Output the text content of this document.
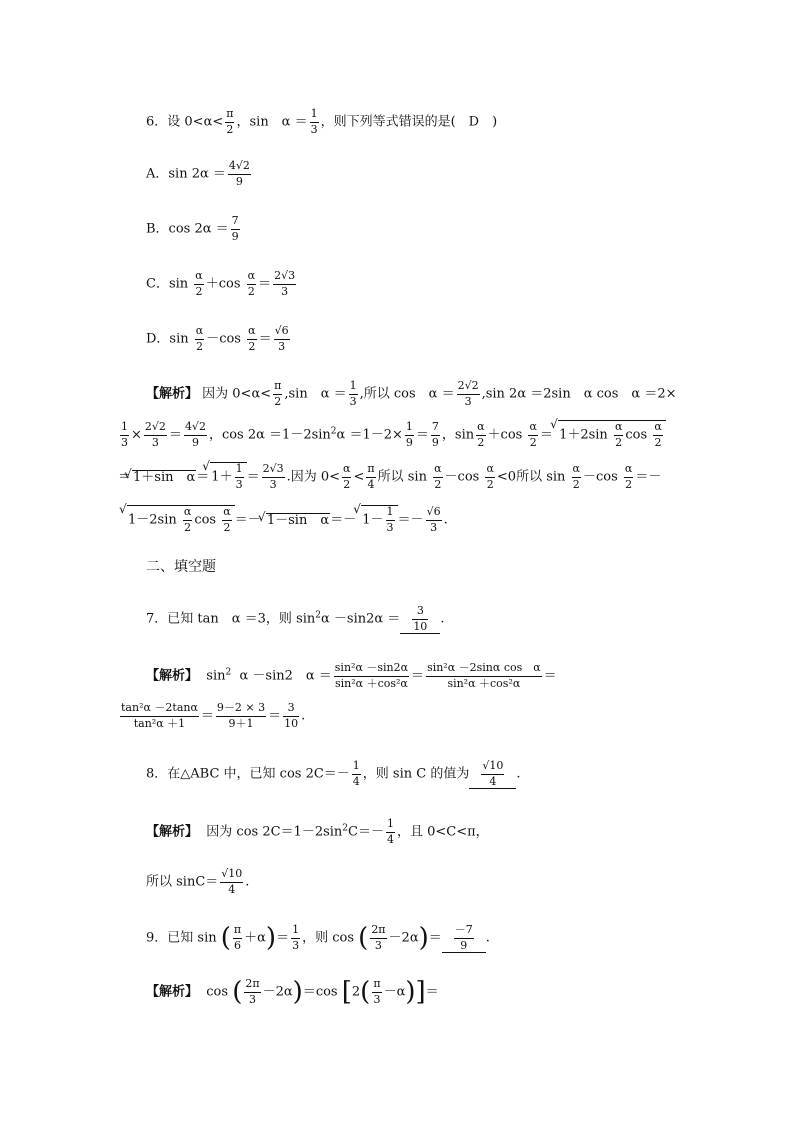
6．设 $0<\alpha< \frac{\pi}{2}$ ，sin　$\alpha = \frac{1}{3}$ ，则下列等式错误的是(　D　)
A．$\sin 2\alpha = \frac{4√2}{9}$
B．$\cos 2\alpha = \frac{7}{9}$
C．$\sin \frac{\alpha}{2} +\cos \frac{\alpha}{2} = \frac{2√3}{3}$
D．$\sin \frac{\alpha}{2} -\cos \frac{\alpha}{2} = \frac{√6}{3}$
【解析】 因为 $0<\alpha< \frac{\pi}{2} ,\sin$　$\alpha = \frac{1}{3}$ ,所以 cos　$\alpha = \frac{2√2}{3} ,\sin$ 2α ＝2sin　α cos　α ＝2×
$\frac{1}{3} \times \frac{2√2}{3} = \frac{4√2}{9}$ ，$\cos 2\alpha =1-2\sin^2\alpha =1-2\times \frac{1}{9} = \frac{7}{9}$ ，$\sin \frac{\alpha}{2} +\cos \frac{\alpha}{2}$ ＝ √ $1+2\sin \frac{\alpha}{2}$ $\cos \frac{\alpha}{2}$
＝ √ 1＋sin　α＝ √ $1+ \frac{1}{3} = \frac{2√3}{3}$ .因为 $0< \frac{\alpha}{2} < \frac{\pi}{4}$ 所以 $\sin \frac{\alpha}{2} -\cos \frac{\alpha}{2} <0$所以 $\sin \frac{\alpha}{2} -\cos \frac{\alpha}{2}$ ＝－
√ $1-2\sin \frac{\alpha}{2}$ $\cos \frac{\alpha}{2}$ ＝－ √ 1－sin　α＝－ √ $1- \frac{1}{3} =- \frac{√6}{3}$ .
二、填空题
7．已知 tan　α ＝3，则 $\sin^2\alpha -\sin 2\alpha = \frac{3}{10}$ .
【解析】 $\sin^2 \alpha -\sin 2$　$\alpha = \frac{\text{sin²α －sin2α}}{\text{sin²α ＋cos²α}} = \frac{\text{sin²α －2sinα cos　α}}{\text{sin²α ＋cos²α}}$ ＝
$\frac{\text{tan²α －2tanα}}{\text{tan²α ＋1}} = \frac{9-2 \times 3}{9+1} = \frac{3}{10}$ .
8．在△ABC 中，已知 $\cos 2C=- \frac{1}{4}$ ，则 sin C 的值为 $\frac{√10}{4}$ .
【解析】 因为 $\cos 2C=1-2\sin^2C=- \frac{1}{4}$ ，且 0<C<π，
所以 $\sin C= \frac{√10}{4}$ .
9．已知 sin ( $\frac{\pi}{6} +\alpha)= \frac{1}{3}$ ，则 cos ( $\frac{2\pi}{3} -2\alpha)= \frac{-7}{9}$ .
【解析】 cos ( $\frac{2\pi}{3} -2\alpha)=\cos$ $[2( \frac{\pi}{3} -\alpha)]=$
